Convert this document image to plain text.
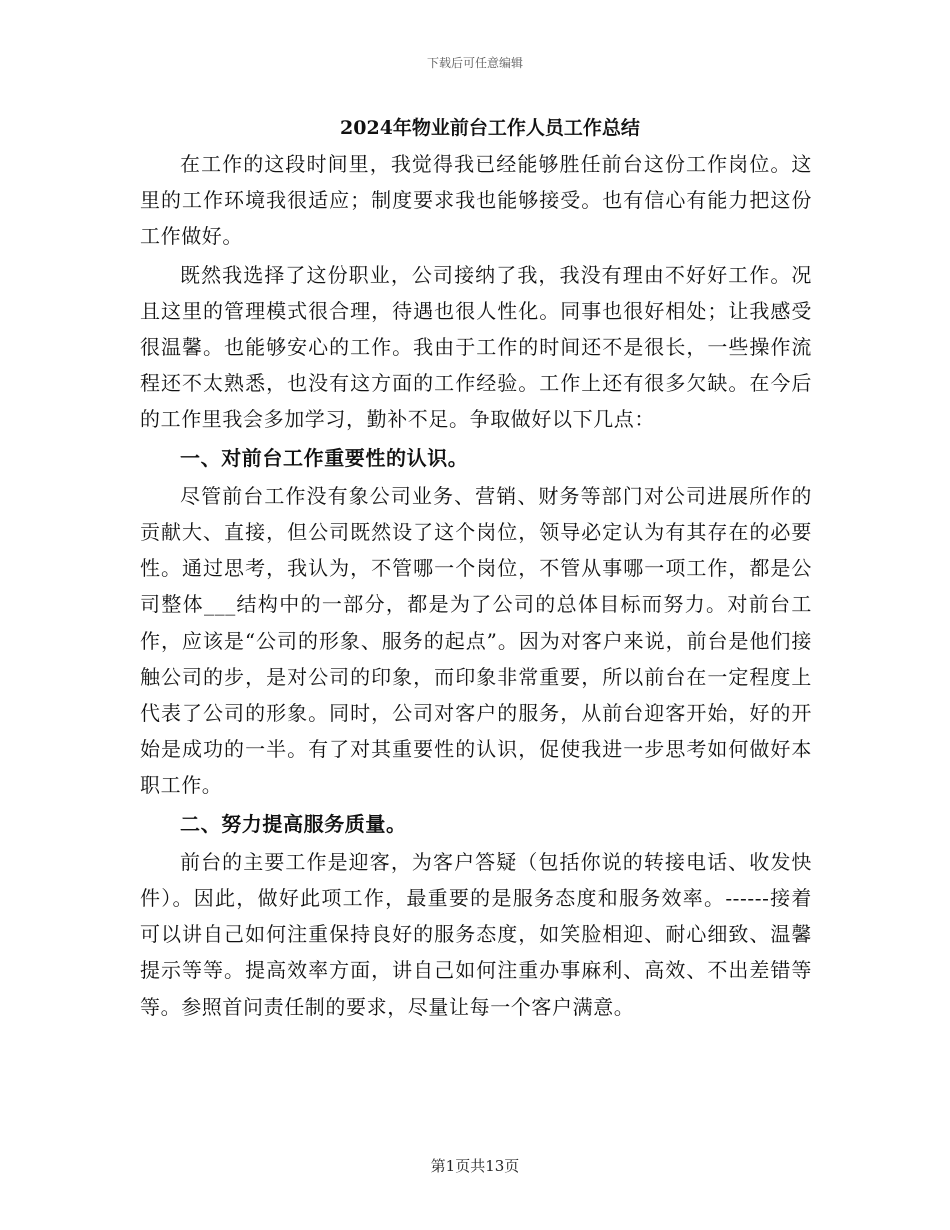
下载后可任意编辑
2024年物业前台工作人员工作总结

在工作的这段时间里，我觉得我已经能够胜任前台这份工作岗位。这里的工作环境我很适应；制度要求我也能够接受。也有信心有能力把这份工作做好。

既然我选择了这份职业，公司接纳了我，我没有理由不好好工作。况且这里的管理模式很合理，待遇也很人性化。同事也很好相处；让我感受很温馨。也能够安心的工作。我由于工作的时间还不是很长，一些操作流程还不太熟悉，也没有这方面的工作经验。工作上还有很多欠缺。在今后的工作里我会多加学习，勤补不足。争取做好以下几点：

一、对前台工作重要性的认识。

尽管前台工作没有象公司业务、营销、财务等部门对公司进展所作的贡献大、直接，但公司既然设了这个岗位，领导必定认为有其存在的必要性。通过思考，我认为，不管哪一个岗位，不管从事哪一项工作，都是公司整体___结构中的一部分，都是为了公司的总体目标而努力。对前台工作，应该是“公司的形象、服务的起点”。因为对客户来说，前台是他们接触公司的步，是对公司的印象，而印象非常重要，所以前台在一定程度上代表了公司的形象。同时，公司对客户的服务，从前台迎客开始，好的开始是成功的一半。有了对其重要性的认识，促使我进一步思考如何做好本职工作。

二、努力提高服务质量。

前台的主要工作是迎客，为客户答疑（包括你说的转接电话、收发快件）。因此，做好此项工作，最重要的是服务态度和服务效率。------接着可以讲自己如何注重保持良好的服务态度，如笑脸相迎、耐心细致、温馨提示等等。提高效率方面，讲自己如何注重办事麻利、高效、不出差错等等。参照首问责任制的要求，尽量让每一个客户满意。

第1页共13页
